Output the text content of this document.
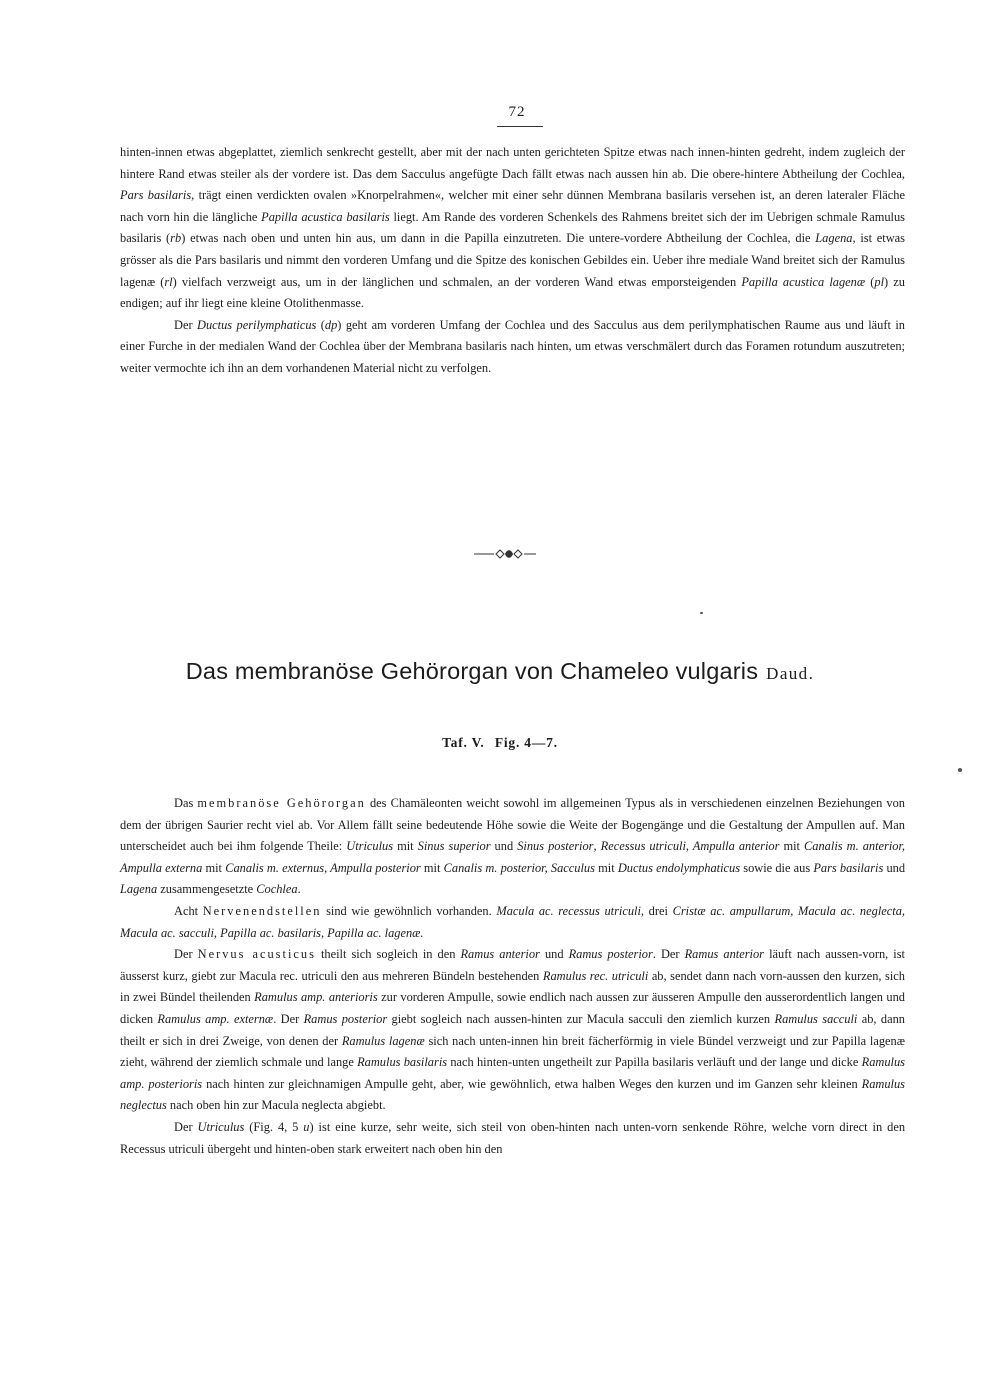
72

hinten-innen etwas abgeplattet, ziemlich senkrecht gestellt, aber mit der nach unten gerichteten Spitze etwas nach innen-hinten gedreht, indem zugleich der hintere Rand etwas steiler als der vordere ist. Das dem Sacculus angefügte Dach fällt etwas nach aussen hin ab. Die obere-hintere Abtheilung der Cochlea, Pars basilaris, trägt einen verdickten ovalen »Knorpelrahmen«, welcher mit einer sehr dünnen Membrana basilaris versehen ist, an deren lateraler Fläche nach vorn hin die längliche Papilla acustica basilaris liegt. Am Rande des vorderen Schenkels des Rahmens breitet sich der im Uebrigen schmale Ramulus basilaris (rb) etwas nach oben und unten hin aus, um dann in die Papilla einzutreten. Die untere-vordere Abtheilung der Cochlea, die Lagena, ist etwas grösser als die Pars basilaris und nimmt den vorderen Umfang und die Spitze des konischen Gebildes ein. Ueber ihre mediale Wand breitet sich der Ramulus lagenæ (rl) vielfach verzweigt aus, um in der länglichen und schmalen, an der vorderen Wand etwas emporsteigenden Papilla acustica lagenæ (pl) zu endigen; auf ihr liegt eine kleine Otolithenmasse.

Der Ductus perilymphaticus (dp) geht am vorderen Umfang der Cochlea und des Sacculus aus dem perilymphatischen Raume aus und läuft in einer Furche in der medialen Wand der Cochlea über der Membrana basilaris nach hinten, um etwas verschmälert durch das Foramen rotundum auszutreten; weiter vermochte ich ihn an dem vorhandenen Material nicht zu verfolgen.

Das membranöse Gehörorgan von Chameleo vulgaris Daud.
Taf. V. Fig. 4—7.

Das membranöse Gehörorgan des Chamäleonten weicht sowohl im allgemeinen Typus als in verschiedenen einzelnen Beziehungen von dem der übrigen Saurier recht viel ab. Vor Allem fällt seine bedeutende Höhe sowie die Weite der Bogengänge und die Gestaltung der Ampullen auf. Man unterscheidet auch bei ihm folgende Theile: Utriculus mit Sinus superior und Sinus posterior, Recessus utriculi, Ampulla anterior mit Canalis m. anterior, Ampulla externa mit Canalis m. externus, Ampulla posterior mit Canalis m. posterior, Sacculus mit Ductus endolymphaticus sowie die aus Pars basilaris und Lagena zusammengesetzte Cochlea.

Acht Nervenendstellen sind wie gewöhnlich vorhanden. Macula ac. recessus utriculi, drei Cristæ ac. ampullarum, Macula ac. neglecta, Macula ac. sacculi, Papilla ac. basilaris, Papilla ac. lagenæ.

Der Nervus acusticus theilt sich sogleich in den Ramus anterior und Ramus posterior. Der Ramus anterior läuft nach aussen-vorn, ist äusserst kurz, giebt zur Macula rec. utriculi den aus mehreren Bündeln bestehenden Ramulus rec. utriculi ab, sendet dann nach vorn-aussen den kurzen, sich in zwei Bündel theilenden Ramulus amp. anterioris zur vorderen Ampulle, sowie endlich nach aussen zur äusseren Ampulle den ausserordentlich langen und dicken Ramulus amp. externæ. Der Ramus posterior giebt sogleich nach aussen-hinten zur Macula sacculi den ziemlich kurzen Ramulus sacculi ab, dann theilt er sich in drei Zweige, von denen der Ramulus lagenæ sich nach unten-innen hin breit fächerförmig in viele Bündel verzweigt und zur Papilla lagenæ zieht, während der ziemlich schmale und lange Ramulus basilaris nach hinten-unten ungetheilt zur Papilla basilaris verläuft und der lange und dicke Ramulus amp. posterioris nach hinten zur gleichnamigen Ampulle geht, aber, wie gewöhnlich, etwa halben Weges den kurzen und im Ganzen sehr kleinen Ramulus neglectus nach oben hin zur Macula neglecta abgiebt.

Der Utriculus (Fig. 4, 5 u) ist eine kurze, sehr weite, sich steil von oben-hinten nach unten-vorn senkende Röhre, welche vorn direct in den Recessus utriculi übergeht und hinten-oben stark erweitert nach oben hin den
